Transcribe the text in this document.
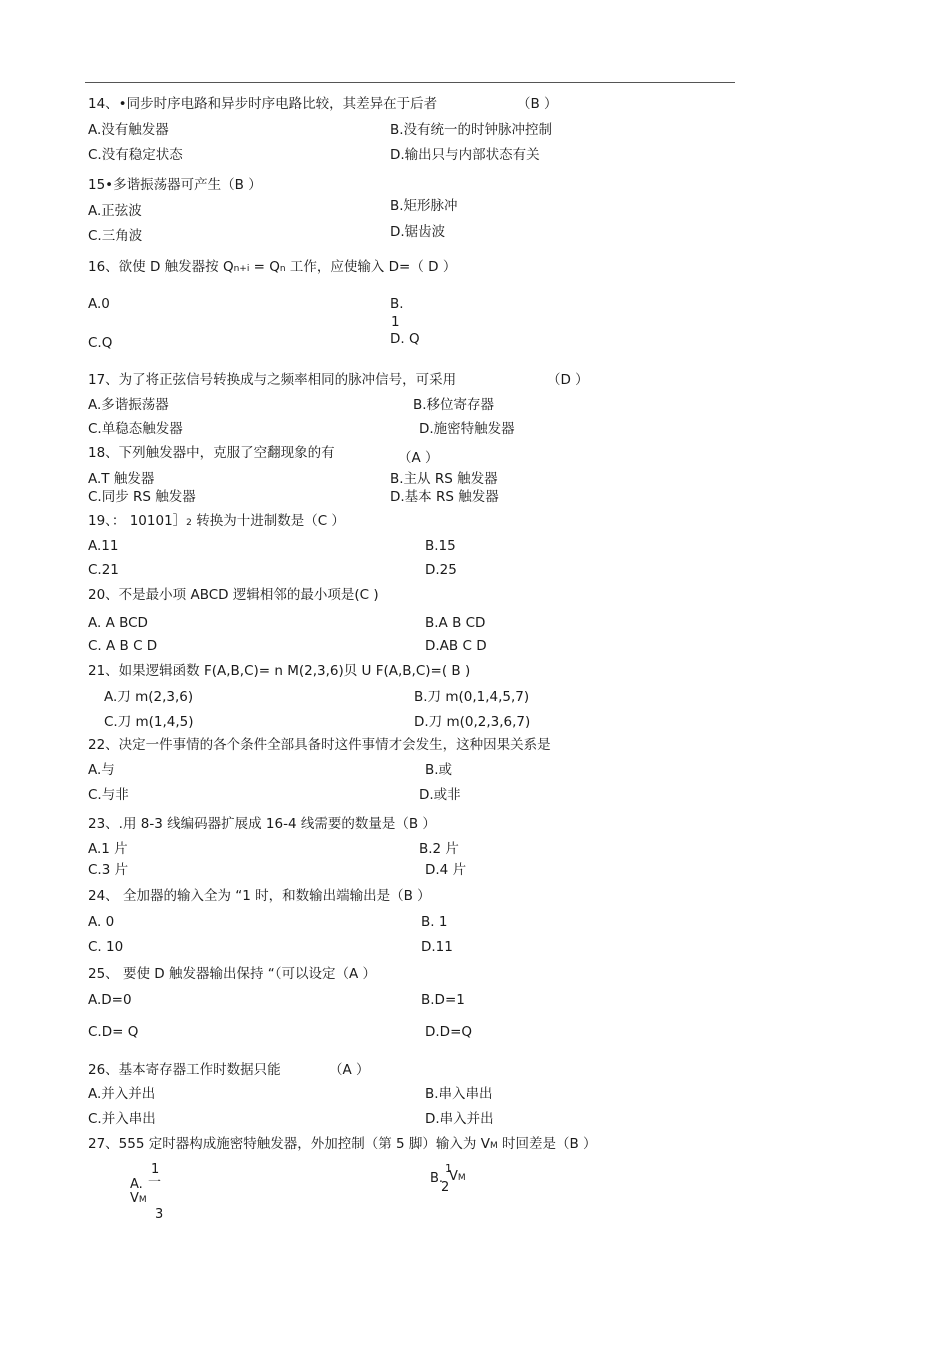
14、•同步时序电路和异步时序电路比较，其差异在于后者	（B ）
A.没有触发器	B.没有统一的时钟脉冲控制
C.没有稳定状态	D.输出只与内部状态有关
15•多谐振荡器可产生（B ）
A.正弦波	B.矩形脉冲
C.三角波	D.锯齿波
16、欲使 D 触发器按 Qn+i = Qn 工作，应使输入 D=（ D ）
A.0	B.
1
C.Q	D. Q
17、为了将正弦信号转换成与之频率相同的脉冲信号，可采用	（D ）
A.多谐振荡器	B.移位寄存器
C.单稳态触发器	D.施密特触发器
18、下列触发器中，克服了空翻现象的有	（A ）
A.T 触发器	B.主从 RS 触发器
C.同步 RS 触发器	D.基本 RS 触发器
19、： 10101］2 转换为十进制数是（C ）
A.11	B.15
C.21	D.25
20、不是最小项 ABCD 逻辑相邻的最小项是(C )
A. A BCD	B.A B CD
C. A B C D	D.AB C D
21、如果逻辑函数 F(A,B,C)= n M(2,3,6)贝 U F(A,B,C)=( B )
A.刀 m(2,3,6)	B.刀 m(0,1,4,5,7)
C.刀 m(1,4,5)	D.刀 m(0,2,3,6,7)
22、决定一件事情的各个条件全部具备时这件事情才会发生，这种因果关系是
A.与	B.或
C.与非	D.或非
23、.用 8-3 线编码器扩展成 16-4 线需要的数量是（B ）
A.1 片	B.2 片
C.3 片	D.4 片
24、 全加器的输入全为 “1 时，和数输出端输出是（B ）
A. 0	B. 1
C. 10	D.11
25、 要使 D 触发器输出保持 “（可以设定（A ）
A.D=0	B.D=1
C.D= Q	D.D=Q
26、基本寄存器工作时数据只能	（A ）
A.并入并出	B.串入串出
C.并入串出	D.串入并出
27、555 定时器构成施密特触发器，外加控制（第 5 脚）输入为 VM 时回差是（B ）
1
A. 一
VM
3
B.
1
2
VM
